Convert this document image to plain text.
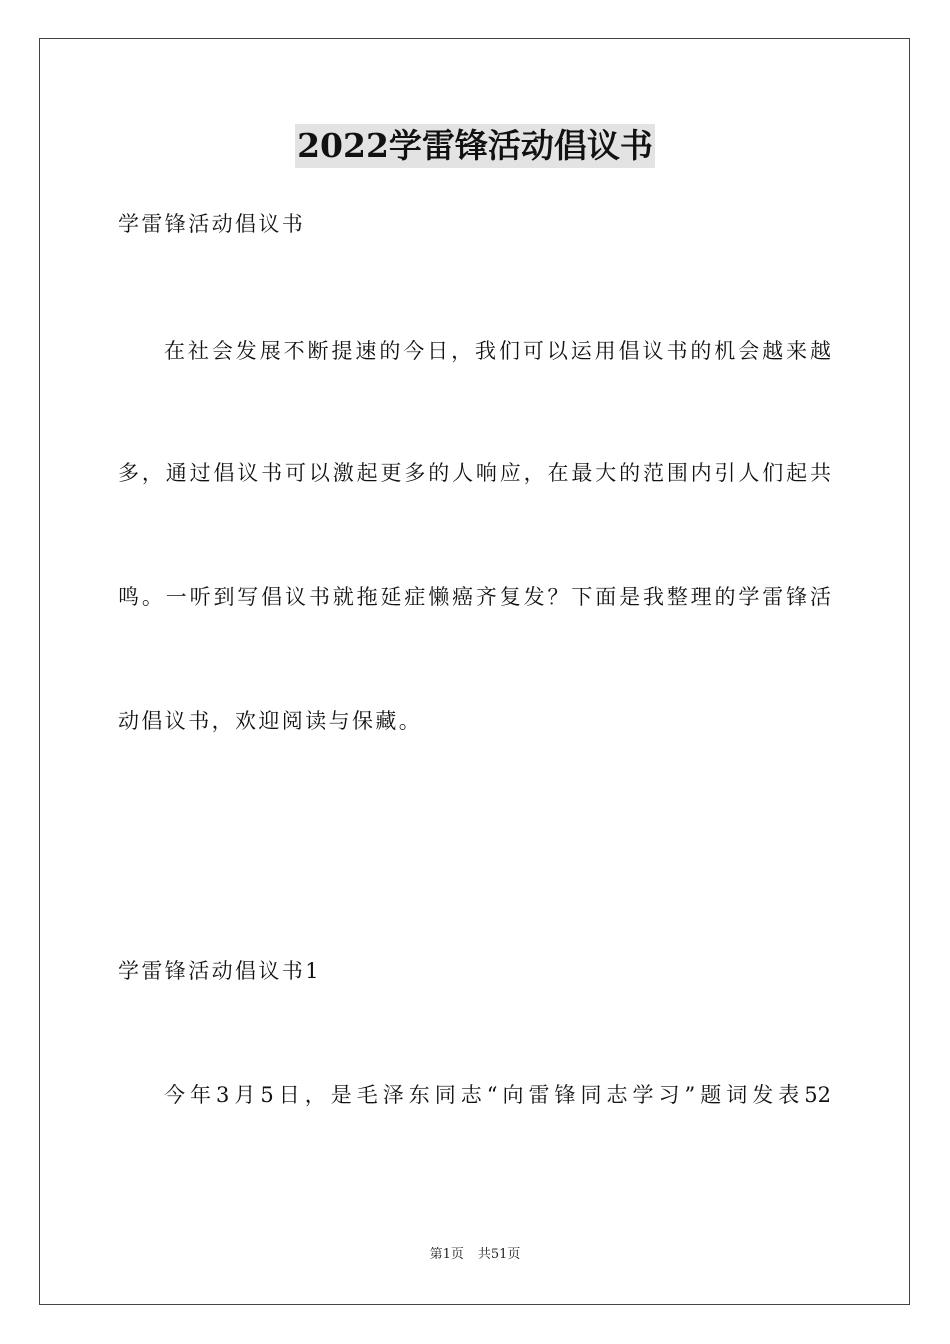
2022学雷锋活动倡议书

学雷锋活动倡议书

在社会发展不断提速的今日，我们可以运用倡议书的机会越来越

多，通过倡议书可以激起更多的人响应，在最大的范围内引人们起共

鸣。一听到写倡议书就拖延症懒癌齐复发？下面是我整理的学雷锋活

动倡议书，欢迎阅读与保藏。

学雷锋活动倡议书1

今年3月5日，是毛泽东同志“向雷锋同志学习”题词发表52

第1页 共51页
